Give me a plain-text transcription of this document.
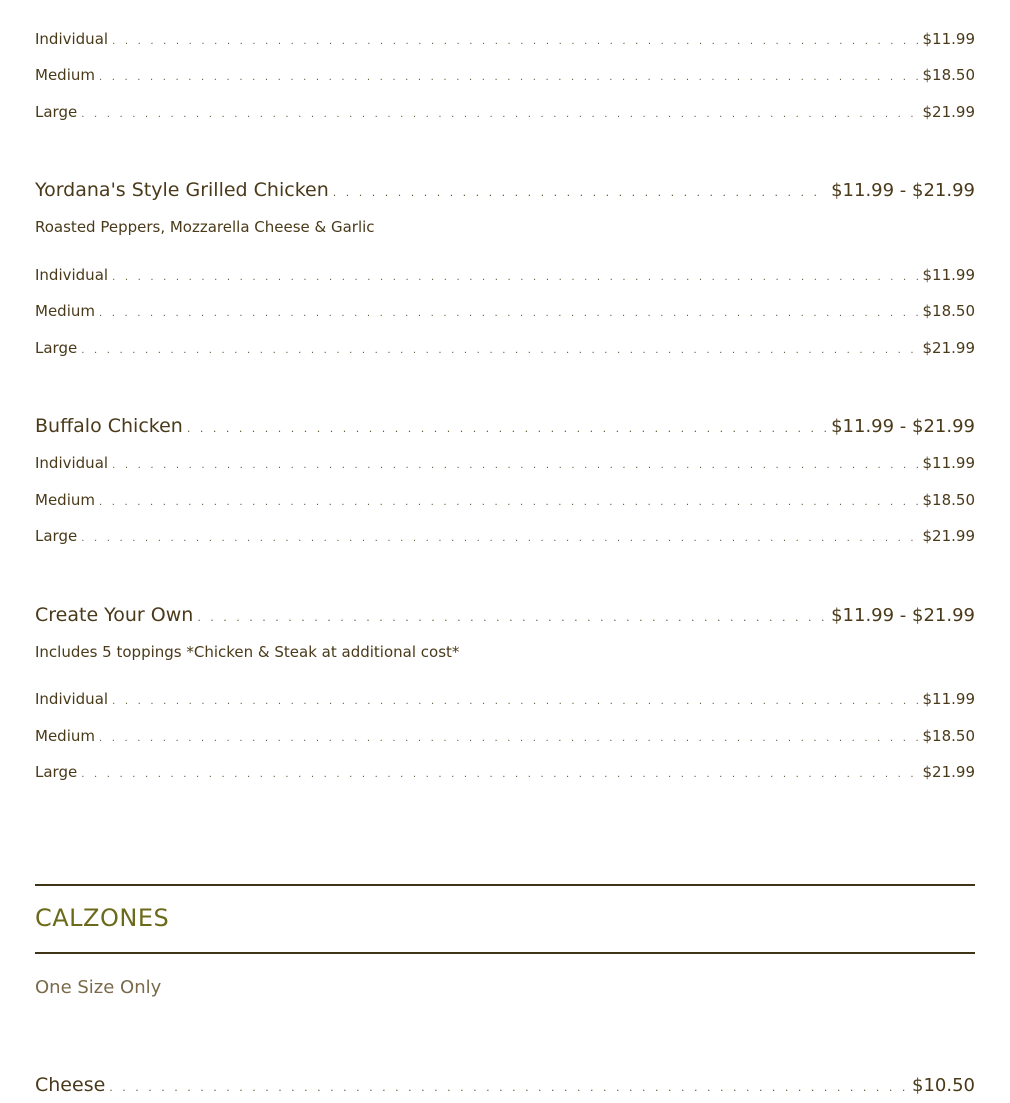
Individual . . .	$11.99
Medium . . .	$18.50
Large . . .	$21.99
Yordana's Style Grilled Chicken . . .	$11.99 - $21.99
Roasted Peppers, Mozzarella Cheese & Garlic
Individual . . .	$11.99
Medium . . .	$18.50
Large . . .	$21.99
Buffalo Chicken . . .	$11.99 - $21.99
Individual . . .	$11.99
Medium . . .	$18.50
Large . . .	$21.99
Create Your Own . . .	$11.99 - $21.99
Includes 5 toppings *Chicken & Steak at additional cost*
Individual . . .	$11.99
Medium . . .	$18.50
Large . . .	$21.99
CALZONES
One Size Only
Cheese . . .	$10.50
